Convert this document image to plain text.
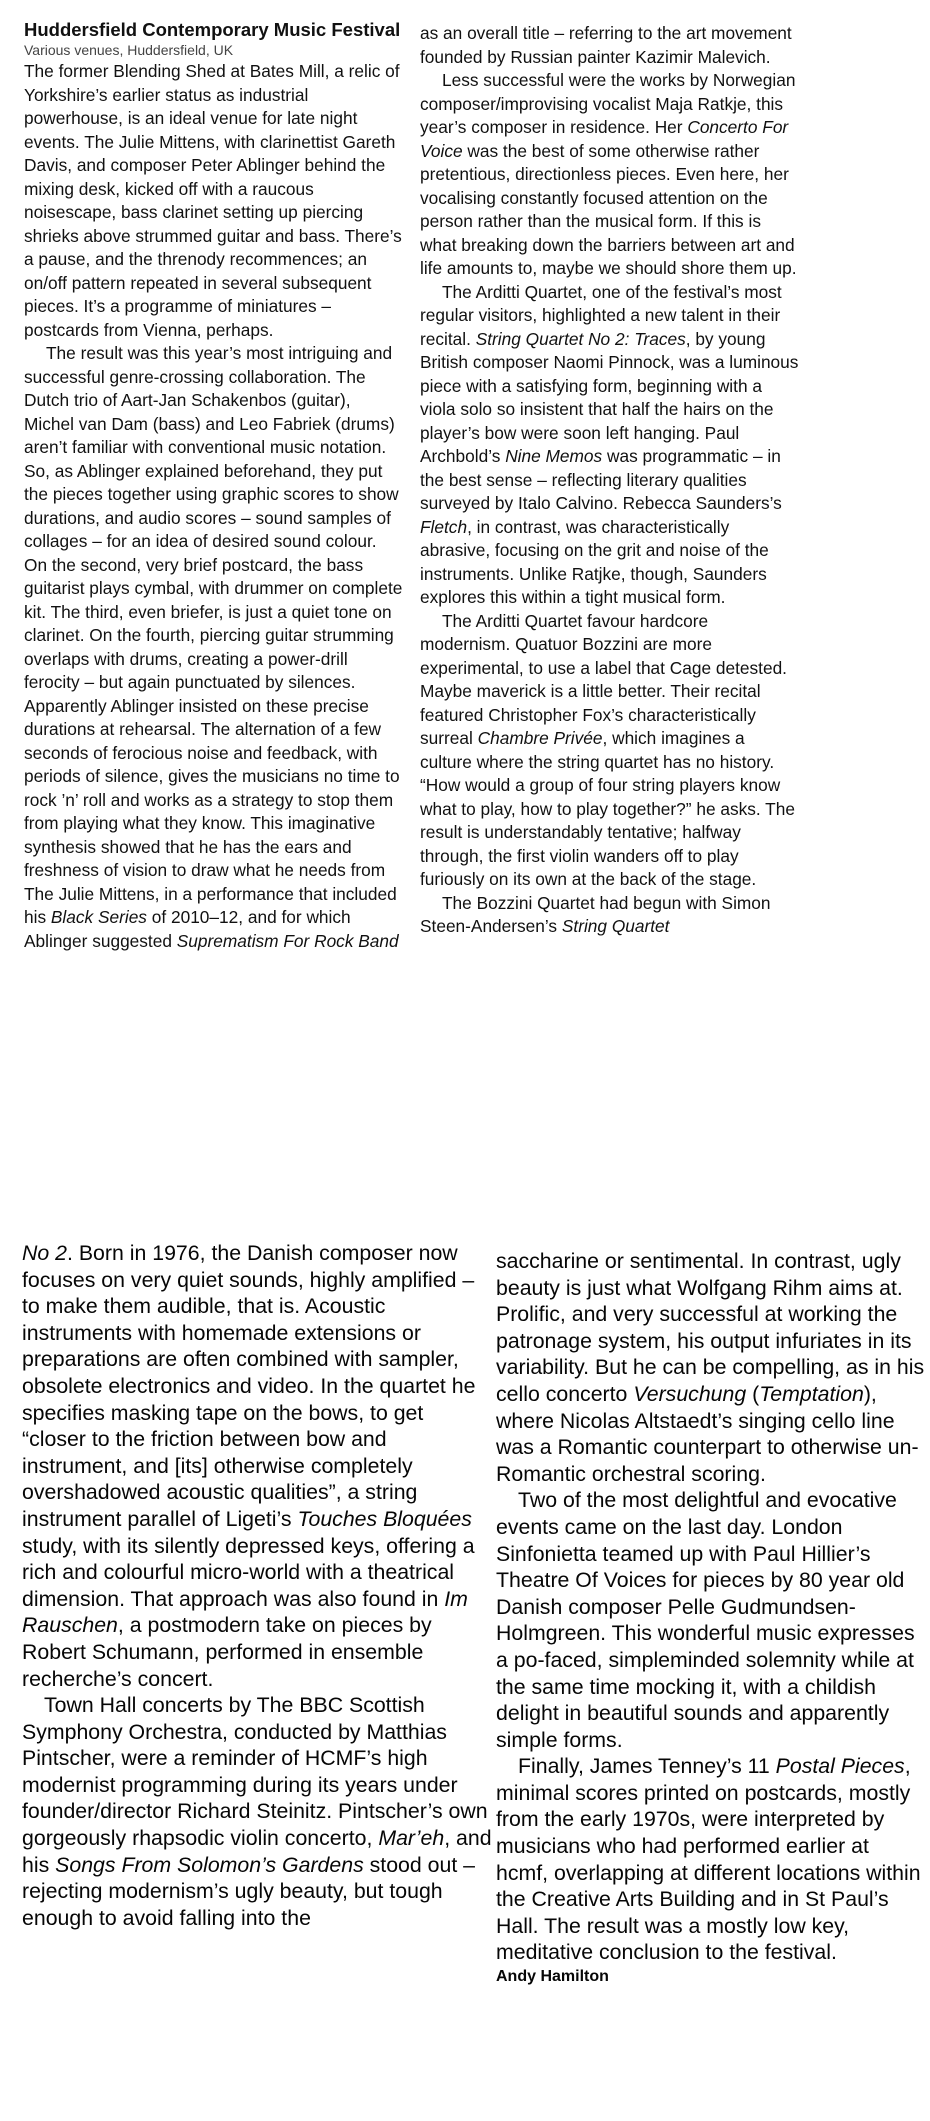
Huddersfield Contemporary Music Festival

Various venues, Huddersfield, UK

The former Blending Shed at Bates Mill, a relic of Yorkshire’s earlier status as industrial powerhouse, is an ideal venue for late night events. The Julie Mittens, with clarinettist Gareth Davis, and composer Peter Ablinger behind the mixing desk, kicked off with a raucous noisescape, bass clarinet setting up piercing shrieks above strummed guitar and bass. There’s a pause, and the threnody recommences; an on/off pattern repeated in several subsequent pieces. It’s a programme of miniatures – postcards from Vienna, perhaps.

The result was this year’s most intriguing and successful genre-crossing collaboration. The Dutch trio of Aart-Jan Schakenbos (guitar), Michel van Dam (bass) and Leo Fabriek (drums) aren’t familiar with conventional music notation. So, as Ablinger explained beforehand, they put the pieces together using graphic scores to show durations, and audio scores – sound samples of collages – for an idea of desired sound colour. On the second, very brief postcard, the bass guitarist plays cymbal, with drummer on complete kit. The third, even briefer, is just a quiet tone on clarinet. On the fourth, piercing guitar strumming overlaps with drums, creating a power-drill ferocity – but again punctuated by silences. Apparently Ablinger insisted on these precise durations at rehearsal. The alternation of a few seconds of ferocious noise and feedback, with periods of silence, gives the musicians no time to rock ’n’ roll and works as a strategy to stop them from playing what they know. This imaginative synthesis showed that he has the ears and freshness of vision to draw what he needs from The Julie Mittens, in a performance that included his Black Series of 2010–12, and for which Ablinger suggested Suprematism For Rock Band

as an overall title – referring to the art movement founded by Russian painter Kazimir Malevich.

Less successful were the works by Norwegian composer/improvising vocalist Maja Ratkje, this year’s composer in residence. Her Concerto For Voice was the best of some otherwise rather pretentious, directionless pieces. Even here, her vocalising constantly focused attention on the person rather than the musical form. If this is what breaking down the barriers between art and life amounts to, maybe we should shore them up.

The Arditti Quartet, one of the festival’s most regular visitors, highlighted a new talent in their recital. String Quartet No 2: Traces, by young British composer Naomi Pinnock, was a luminous piece with a satisfying form, beginning with a viola solo so insistent that half the hairs on the player’s bow were soon left hanging. Paul Archbold’s Nine Memos was programmatic – in the best sense – reflecting literary qualities surveyed by Italo Calvino. Rebecca Saunders’s Fletch, in contrast, was characteristically abrasive, focusing on the grit and noise of the instruments. Unlike Ratjke, though, Saunders explores this within a tight musical form.

The Arditti Quartet favour hardcore modernism. Quatuor Bozzini are more experimental, to use a label that Cage detested. Maybe maverick is a little better. Their recital featured Christopher Fox’s characteristically surreal Chambre Privée, which imagines a culture where the string quartet has no history. “How would a group of four string players know what to play, how to play together?” he asks. The result is understandably tentative; halfway through, the first violin wanders off to play furiously on its own at the back of the stage.

The Bozzini Quartet had begun with Simon Steen-Andersen’s String Quartet

No 2. Born in 1976, the Danish composer now focuses on very quiet sounds, highly amplified – to make them audible, that is. Acoustic instruments with homemade extensions or preparations are often combined with sampler, obsolete electronics and video. In the quartet he specifies masking tape on the bows, to get “closer to the friction between bow and instrument, and [its] otherwise completely overshadowed acoustic qualities”, a string instrument parallel of Ligeti’s Touches Bloquées study, with its silently depressed keys, offering a rich and colourful micro-world with a theatrical dimension. That approach was also found in Im Rauschen, a postmodern take on pieces by Robert Schumann, performed in ensemble recherche’s concert.

Town Hall concerts by The BBC Scottish Symphony Orchestra, conducted by Matthias Pintscher, were a reminder of HCMF’s high modernist programming during its years under founder/director Richard Steinitz. Pintscher’s own gorgeously rhapsodic violin concerto, Mar’eh, and his Songs From Solomon’s Gardens stood out – rejecting modernism’s ugly beauty, but tough enough to avoid falling into the

saccharine or sentimental. In contrast, ugly beauty is just what Wolfgang Rihm aims at. Prolific, and very successful at working the patronage system, his output infuriates in its variability. But he can be compelling, as in his cello concerto Versuchung (Temptation), where Nicolas Altstaedt’s singing cello line was a Romantic counterpart to otherwise un-Romantic orchestral scoring.

Two of the most delightful and evocative events came on the last day. London Sinfonietta teamed up with Paul Hillier’s Theatre Of Voices for pieces by 80 year old Danish composer Pelle Gudmundsen-Holmgreen. This wonderful music expresses a po-faced, simpleminded solemnity while at the same time mocking it, with a childish delight in beautiful sounds and apparently simple forms.

Finally, James Tenney’s 11 Postal Pieces, minimal scores printed on postcards, mostly from the early 1970s, were interpreted by musicians who had performed earlier at hcmf, overlapping at different locations within the Creative Arts Building and in St Paul’s Hall. The result was a mostly low key, meditative conclusion to the festival.

Andy Hamilton
